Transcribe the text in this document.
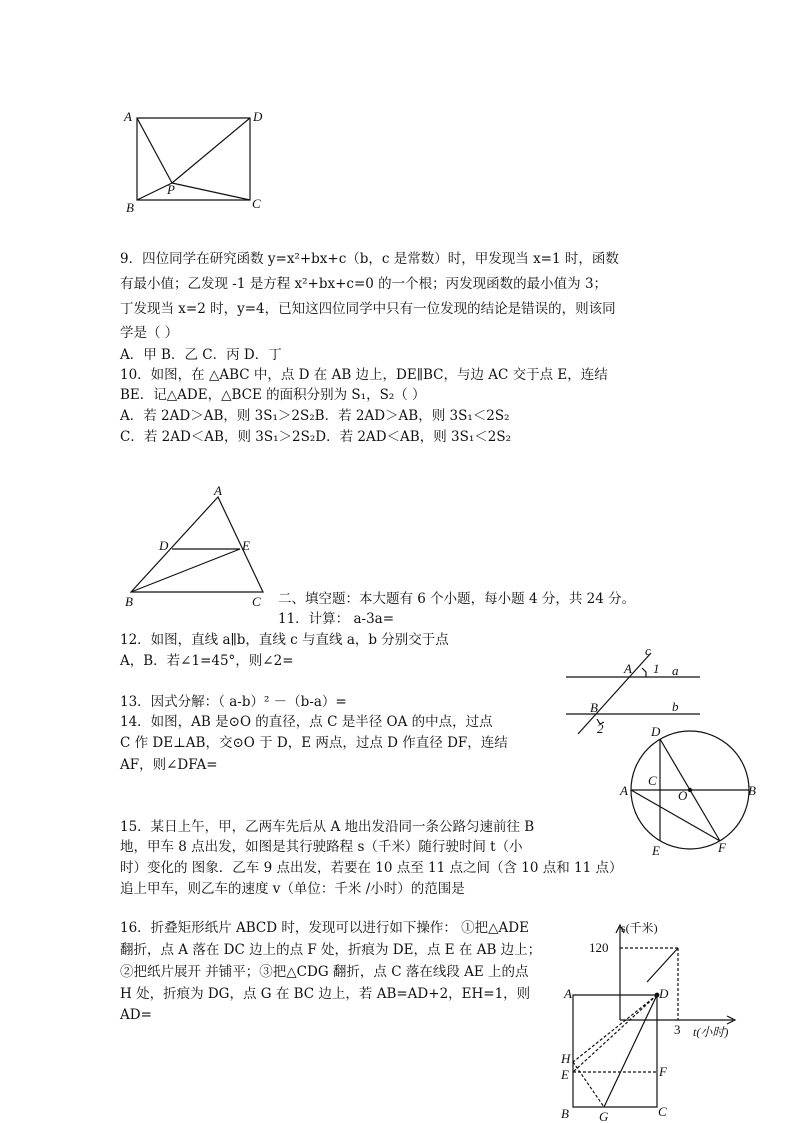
A	D
P
B	C
A
D	E
B	C
c
A 1 a
B	b
2	D
C
O
A	B
E	F
s(千米)
120
3 t(小时)
A	D
H
E	F
B G	C
9．四位同学在研究函数 y=x²+bx+c（b，c 是常数）时，甲发现当 x=1 时，函数
有最小值；乙发现 -1 是方程 x²+bx+c=0 的一个根；丙发现函数的最小值为 3；
丁发现当 x=2 时，y=4，已知这四位同学中只有一位发现的结论是错误的，则该同
学是（ ）
A．甲 B．乙 C．丙 D．丁
10．如图，在 △ABC 中，点 D 在 AB 边上，DE∥BC，与边 AC 交于点 E，连结
BE．记△ADE，△BCE 的面积分别为 S₁，S₂（ ）
A．若 2AD＞AB，则 3S₁＞2S₂B．若 2AD＞AB，则 3S₁＜2S₂
C．若 2AD＜AB，则 3S₁＞2S₂D．若 2AD＜AB，则 3S₁＜2S₂
二、填空题：本大题有 6 个小题，每小题 4 分，共 24 分。
11．计算： a-3a=
12．如图，直线 a∥b，直线 c 与直线 a，b 分别交于点
A，B．若∠1=45°，则∠2=
13．因式分解：（ a-b）² －（b-a）=
14．如图，AB 是⊙O 的直径，点 C 是半径 OA 的中点，过点
C 作 DE⊥AB，交⊙O 于 D，E 两点，过点 D 作直径 DF，连结
AF，则∠DFA=
15．某日上午，甲，乙两车先后从 A 地出发沿同一条公路匀速前往 B
地，甲车 8 点出发，如图是其行驶路程 s（千米）随行驶时间 t（小
时）变化的 图象．乙车 9 点出发，若要在 10 点至 11 点之间（含 10 点和 11 点）
追上甲车，则乙车的速度 v（单位：千米 /小时）的范围是
16．折叠矩形纸片 ABCD 时，发现可以进行如下操作： ①把△ADE
翻折，点 A 落在 DC 边上的点 F 处，折痕为 DE，点 E 在 AB 边上；
②把纸片展开 并铺平；③把△CDG 翻折，点 C 落在线段 AE 上的点
H 处，折痕为 DG，点 G 在 BC 边上，若 AB=AD+2，EH=1，则
AD=
